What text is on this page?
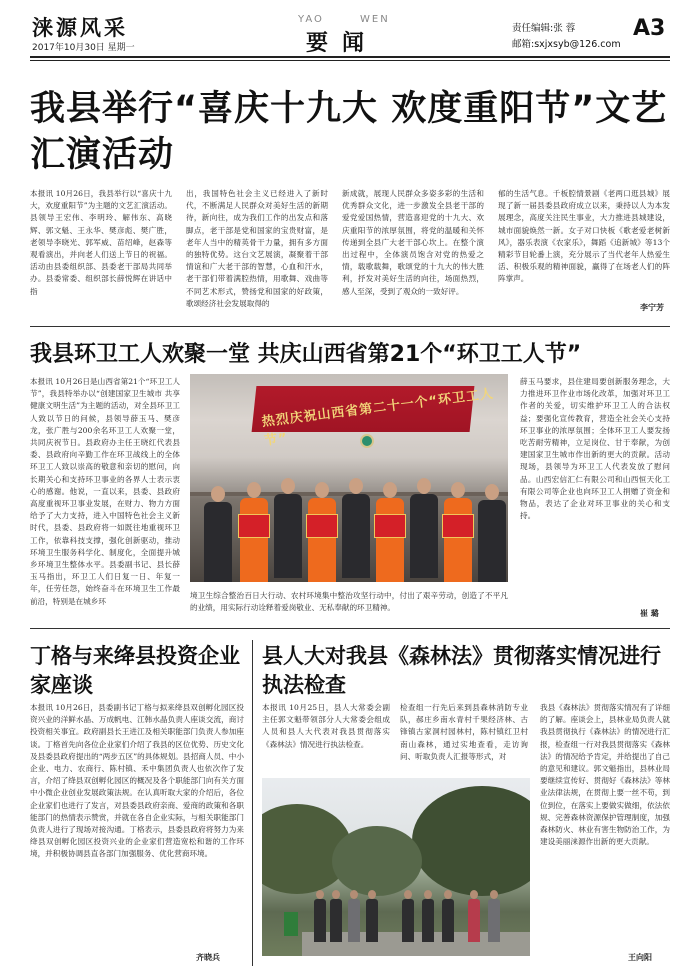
涞源风采
2017年10月30日 星期一
YAO	WEN
要闻
责任编辑:张 蓉
邮箱:sxjxsyb@126.com
A3
我县举行“喜庆十九大 欢度重阳节”文艺汇演活动
本报讯 10月26日，我县举行以“喜庆十九大，欢度重阳节”为主题的文艺汇演活动。县领导王宏伟、李明玲、解伟东、高晓辉、郭文魁、王永华、樊彦彪、樊广胜，老领导李晓光、郭军威、苗绍峰，赵森等观看演出，并向老人们送上节日的祝福。活动由县委组织部、县委老干部局共同举办。县委常委、组织部长薛悦辉在讲话中指
出，我国特色社会主义已经进入了新时代，不断满足人民群众对美好生活的新期待，新向往，成为我们工作的出发点和落脚点，老干部是党和国家的宝贵财富，是老年人当中的精英骨干力量，拥有多方面的独特优势。这台文艺展演，凝聚着干部情谊和广大老干部的智慧，心血和汗水，老干部们带着满腔热情，用歌舞、戏曲等不同艺术形式，赞扬党和国家的好政策，歌颂经济社会发展取得的
新成就，展现人民群众多姿多彩的生活和优秀群众文化，进一步激发全县老干部的爱党爱国热情，营造喜迎党的十九大、欢庆重阳节的浓厚氛围，将党的温暖和关怀传递到全县广大老干部心坎上。在整个演出过程中，全体演员饱含对党的热爱之情，载歌载舞，歌颂党的十九大的伟大胜利，抒发对美好生活的向往，场面热烈，感人至深，受到了观众的一致好评。
郁的生活气息。千板腔情景剧《老两口逛县城》展现了新一届县委县政府成立以来，秉持以人为本发展理念，高度关注民生事业，大力推进县城建设，城市面貌焕然一新。女子对口快板《歌老爱老树新风》，器乐表演《农家乐》，舞蹈《追新城》等13个精彩节目轮番上演，充分展示了当代老年人热爱生活、积极乐观的精神面貌，赢得了在场老人们的阵阵掌声。
李宁芳
我县环卫工人欢聚一堂 共庆山西省第21个“环卫工人节”
本报讯 10月26日是山西省第21个“环卫工人节”，我县特举办以“创建国家卫生城市 共享健康文明生活”为主题的活动，对全县环卫工人致以节日的问候，县领导薛玉马、樊彦龙，张广胜与200余名环卫工人欢聚一堂，共同庆祝节日。县政府办主任王晓红代表县委、县政府向辛勤工作在环卫战线上的全体环卫工人致以崇高的敬意和亲切的慰问，向长期关心和支持环卫事业的各界人士表示衷心的感谢。他说，一直以来，县委、县政府高度重视环卫事业发展，在财力、物力方面给予了大力支持，进入中国特色社会主义新时代，县委、县政府将一如既往地重视环卫工作，依靠科技支撑，强化创新驱动，推动环境卫生服务科学化、制度化，全面提升城乡环境卫生整体水平。县委副书记、县长薛玉马指出，环卫工人们日复一日、年复一年，任劳任怨，始终奋斗在环境卫生工作最前沿，特别是在城乡环
热烈庆祝山西省第二十一个“环卫工人节”
境卫生综合整治百日大行动、农村环境集中整治攻坚行动中，付出了艰辛劳动，创造了不平凡的业绩，用实际行动诠释着爱岗敬业、无私奉献的环卫精神。
薛玉马要求，县住建局要创新服务理念，大力推进环卫作业市场化改革，加强对环卫工作者的关爱，切实维护环卫工人的合法权益；要强化宣传教育，营造全社会关心支持环卫事业的浓厚氛围；全体环卫工人要发扬吃苦耐劳精神，立足岗位、甘于奉献，为创建国家卫生城市作出新的更大的贡献。活动现场，县领导为环卫工人代表发放了慰问品。山西宏信汇仁有限公司和山西恒天化工有限公司等企业也向环卫工人捐赠了资金和物品，表达了企业对环卫事业的关心和支持。
崔 璐
丁格与来绛县投资企业家座谈
本报讯 10月26日，县委副书记丁格与拟来绛县双创孵化园区投资兴业的洋鲜水晶、万成帆电、江韩水晶负责人座谈交流，商讨投资相关事宜。政府副县长王进江及相关职能部门负责人参加座谈。丁格首先向各位企业家们介绍了我县的区位优势、历史文化及县委县政府提出的“两步五区”的具体规划。县招商人员、中小企业、电力、农商行、陈村镇、禾中集团负责人也依次作了发言，介绍了绛县双创孵化园区的概况及各个职能部门向有关方面中小微企业创业发展政策法规。在认真听取大家的介绍后，各位企业家们也进行了发言，对县委县政府亲商、爱商的政策和各职能部门的热情表示赞赏，并就在各自企业实际，与相关职能部门负责人进行了现场对接沟通。丁格表示，县委县政府将努力为来绛县双创孵化园区投资兴业的企业家们营造宽松和谐的工作环境，并积极协调县直各部门加强服务、优化营商环境。
齐晓兵
县人大对我县《森林法》贯彻落实情况进行执法检查
本报讯 10月25日，县人大常委会副主任郭文魁带领部分人大常委会组成人员和县人大代表对我县贯彻落实《森林法》情况进行执法检查。
检查组一行先后来到县森林消防专业队，郝庄乡南水青村千果经济林、古锋镇古家洞村园林村，陈村镇红卫村南山森林，通过实地查看，走访询问、听取负责人汇报等形式，对
我县《森林法》贯彻落实情况有了详细的了解。座谈会上，县林业局负责人就我县贯彻执行《森林法》的情况进行汇报，检查组一行对我县贯彻落实《森林法》的情况给予肯定，并给提出了自己的意见和建议。郭文魁指出，县林业局要继续宣传好、贯彻好《森林法》等林业法律法规，在贯彻上要一丝不苟，到位到位，在落实上要做实做细，依法依规、完善森林资源保护管理制度，加强森林防火、林业有害生物防治工作，为建设美丽涞源作出新的更大贡献。
王向阳
